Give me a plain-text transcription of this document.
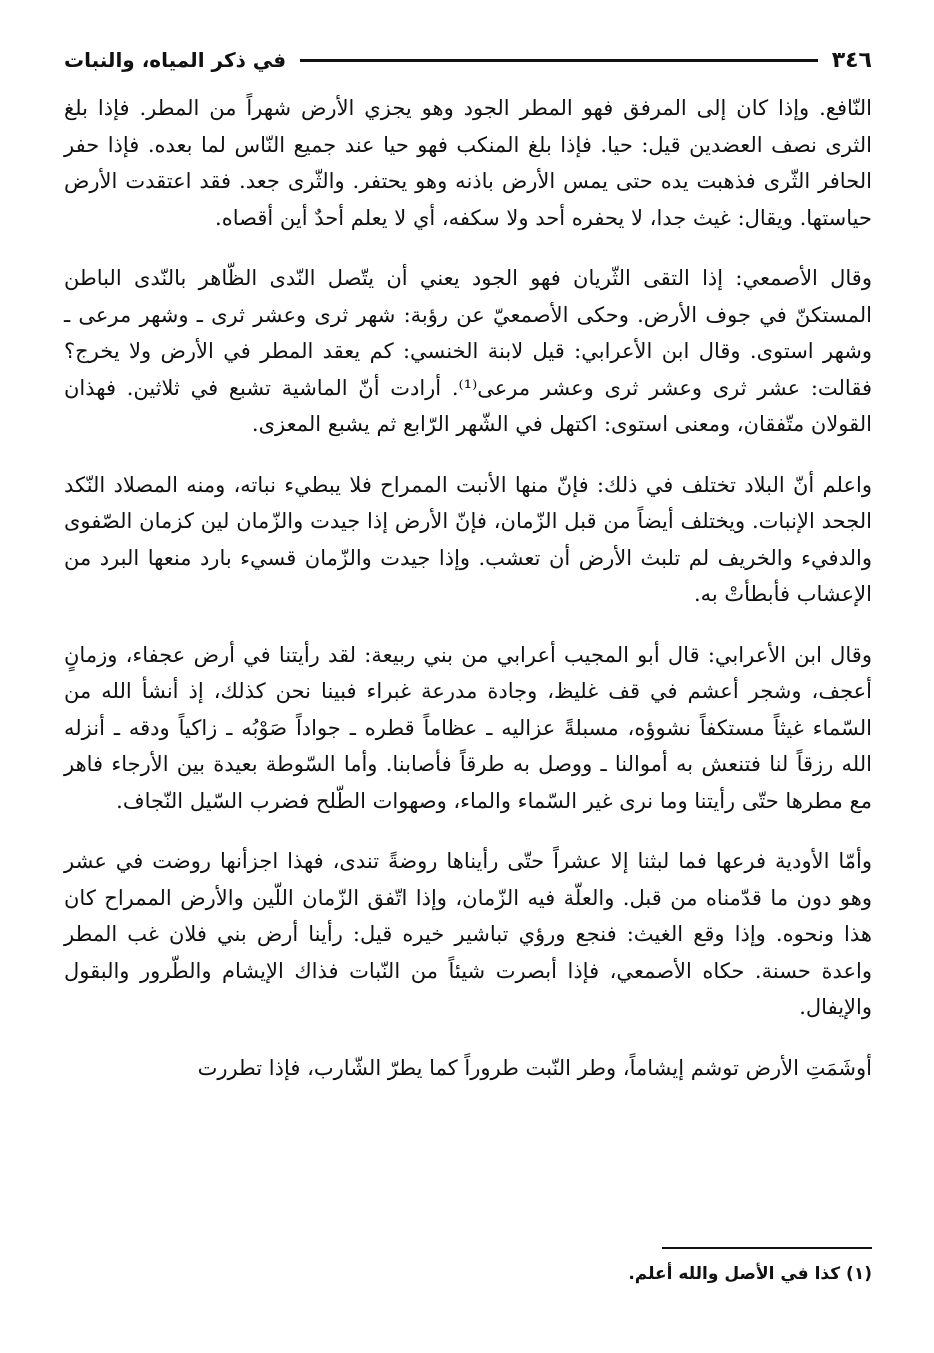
٣٤٦
في ذكر المياه، والنبات

النّافع. وإذا كان إلى المرفق فهو المطر الجود وهو يجزي الأرض شهراً من المطر. فإذا بلغ الثرى نصف العضدين قيل: حيا. فإذا بلغ المنكب فهو حيا عند جميع النّاس لما بعده. فإذا حفر الحافر الثّرى فذهبت يده حتى يمس الأرض باذنه وهو يحتفر. والثّرى جعد. فقد اعتقدت الأرض حياستها. ويقال: غيث جدا، لا يحفره أحد ولا سكفه، أي لا يعلم أحدٌ أين أقصاه.

وقال الأصمعي: إذا التقى الثّريان فهو الجود يعني أن يتّصل النّدى الظّاهر بالنّدى الباطن المستكنّ في جوف الأرض. وحكى الأصمعيّ عن رؤبة: شهر ثرى وعشر ثرى ـ وشهر مرعى ـ وشهر استوى. وقال ابن الأعرابي: قيل لابنة الخنسي: كم يعقد المطر في الأرض ولا يخرج؟ فقالت: عشر ثرى وعشر ثرى وعشر مرعى⁽¹⁾. أرادت أنّ الماشية تشبع في ثلاثين. فهذان القولان متّفقان، ومعنى استوى: اكتهل في الشّهر الرّابع ثم يشبع المعزى.

واعلم أنّ البلاد تختلف في ذلك: فإنّ منها الأنبت الممراح فلا يبطيء نباته، ومنه المصلاد النّكد الجحد الإنبات. ويختلف أيضاً من قبل الزّمان، فإنّ الأرض إذا جيدت والزّمان لين كزمان الصّفوى والدفيء والخريف لم تلبث الأرض أن تعشب. وإذا جيدت والزّمان قسيء بارد منعها البرد من الإعشاب فأبطأتْ به.

وقال ابن الأعرابي: قال أبو المجيب أعرابي من بني ربيعة: لقد رأيتنا في أرض عجفاء، وزمانٍ أعجف، وشجر أعشم في قف غليظ، وجادة مدرعة غبراء فبينا نحن كذلك، إذ أنشأ الله من السّماء غيثاً مستكفاً نشوؤه، مسبلةً عزاليه ـ عظاماً قطره ـ جواداً صَوْبُه ـ زاكياً ودقه ـ أنزله الله رزقاً لنا فتنعش به أموالنا ـ ووصل به طرقاً فأصابنا. وأما السّوطة بعيدة بين الأرجاء فاهر مع مطرها حتّى رأيتنا وما نرى غير السّماء والماء، وصهوات الطّلح فضرب السّيل النّجاف.

وأمّا الأودية فرعها فما لبثنا إلا عشراً حتّى رأيناها روضةً تندى، فهذا اجزأنها روضت في عشر وهو دون ما قدّمناه من قبل. والعلّة فيه الزّمان، وإذا اتّفق الزّمان اللّين والأرض الممراح كان هذا ونحوه. وإذا وقع الغيث: فنجع ورؤي تباشير خيره قيل: رأينا أرض بني فلان غب المطر واعدة حسنة. حكاه الأصمعي، فإذا أبصرت شيئاً من النّبات فذاك الإيشام والطّرور والبقول والإيفال.

أوشَمَتِ الأرض توشم إيشاماً، وطر النّبت طروراً كما يطرّ الشّارب، فإذا تطررت

(١) كذا في الأصل والله أعلم.
